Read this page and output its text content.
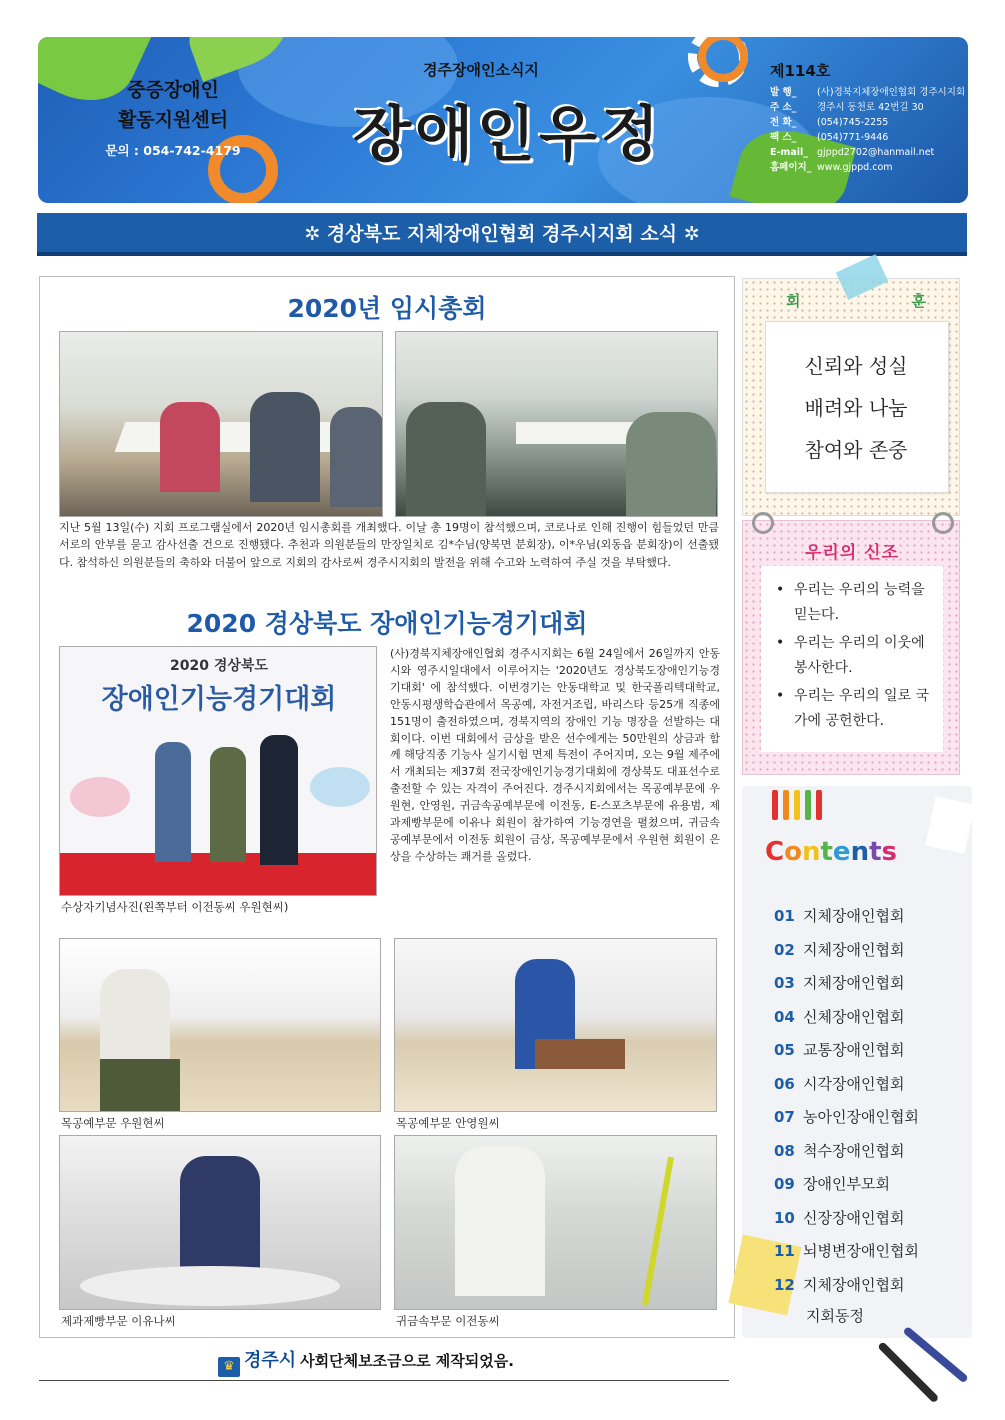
중증장애인
활동지원센터
문의 : 054-742-4179
경주장애인소식지
장애인우정
제114호
발 행_	(사)경북지체장애인협회 경주시지회
주 소_	경주시 동천로 42번길 30
전 화_	(054)745-2255
팩 스_	(054)771-9446
E-mail_ gjppd2702@hanmail.net
홈페이지_ www.gjppd.com
✲ 경상북도 지체장애인협회 경주시지회 소식 ✲
2020년 임시총회
지난 5월 13일(수) 지회 프로그램실에서 2020년 임시총회를 개최했다. 이날 총 19명이 참석했으며, 코로나로 인해 진행이 힘들었던 만큼 서로의 안부를 묻고 감사선출 건으로 진행됐다. 추천과 의원분들의 만장일치로 김*수님(양북면 분회장), 이*우님(외동읍 분회장)이 선출됐다. 참석하신 의원분들의 축하와 더불어 앞으로 지회의 감사로써 경주시지회의 발전을 위해 수고와 노력하여 주실 것을 부탁했다.
2020 경상북도 장애인기능경기대회
2020 경상북도
장애인기능경기대회
수상자기념사진(왼쪽부터 이전동씨 우원현씨)
(사)경북지체장애인협회 경주시지회는 6월 24일에서 26일까지 안동시와 영주시일대에서 이루어지는 '2020년도 경상북도장애인기능경기대회' 에 참석했다. 이번경기는 안동대학교 및 한국폴리텍대학교, 안동시평생학습관에서 목공예, 자전거조립, 바리스타 등25개 직종에 151명이 출전하였으며, 경북지역의 장애인 기능 명장을 선발하는 대회이다. 이번 대회에서 금상을 받은 선수에게는 50만원의 상금과 함께 해당직종 기능사 실기시험 면제 특전이 주어지며, 오는 9월 제주에서 개최되는 제37회 전국장애인기능경기대회에 경상북도 대표선수로 출전할 수 있는 자격이 주어진다. 경주시지회에서는 목공예부문에 우원현, 안영원, 귀금속공예부문에 이전동, E-스포츠부문에 유용범, 제과제빵부문에 이유나 회원이 참가하여 기능경연을 펼쳤으며, 귀금속공예부문에서 이전동 회원이 금상, 목공예부문에서 우원현 회원이 은상을 수상하는 쾌거를 올렸다.
목공예부문 우원현씨	목공예부문 안영원씨
제과제빵부문 이유나씨	귀금속부문 이전동씨
♛ 경주시 사회단체보조금으로 제작되었음.
회	훈
신뢰와 성실
배려와 나눔
참여와 존중
우리의 신조
• 우리는 우리의 능력을 믿는다.
• 우리는 우리의 이웃에 봉사한다.
• 우리는 우리의 일로 국가에 공헌한다.
Contents
01 지체장애인협회
02 지체장애인협회
03 지체장애인협회
04 신체장애인협회
05 교통장애인협회
06 시각장애인협회
07 농아인장애인협회
08 척수장애인협회
09 장애인부모회
10 신장장애인협회
11 뇌병변장애인협회
12 지체장애인협회
지회동정
